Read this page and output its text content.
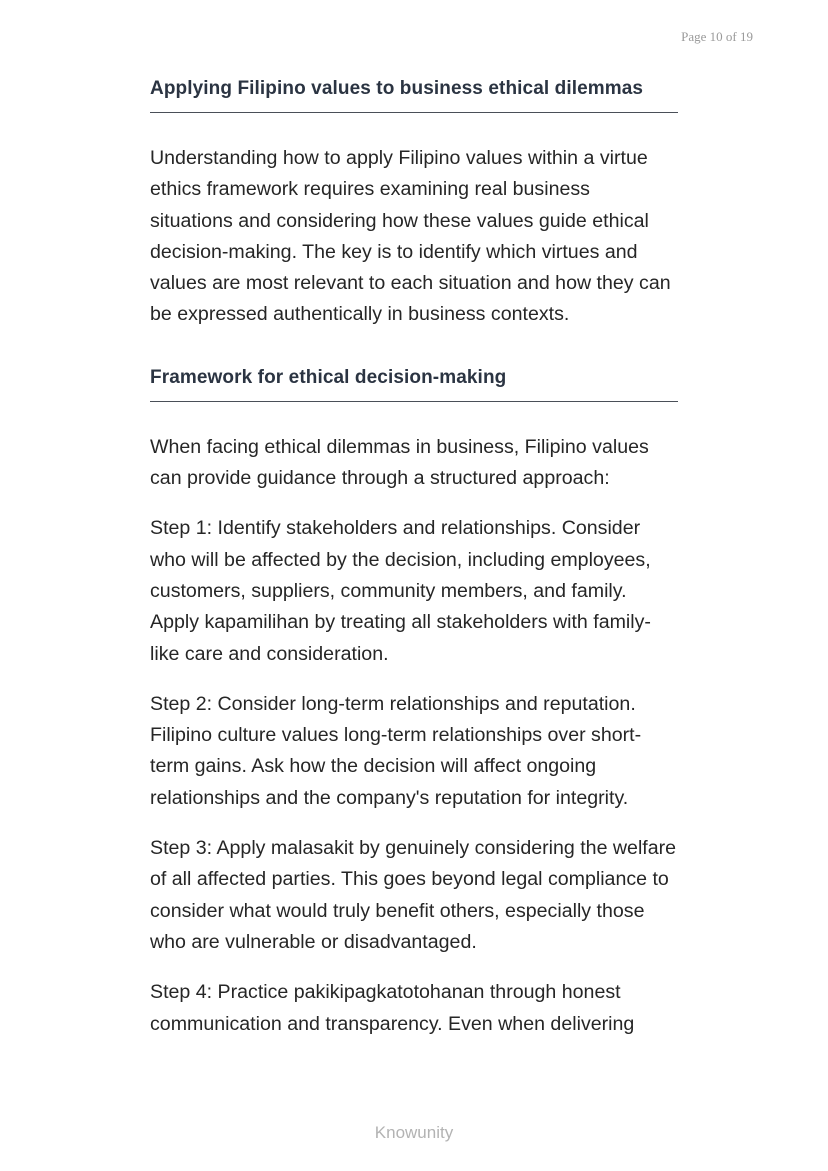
Page 10 of 19
Applying Filipino values to business ethical dilemmas

Understanding how to apply Filipino values within a virtue ethics framework requires examining real business situations and considering how these values guide ethical decision-making. The key is to identify which virtues and values are most relevant to each situation and how they can be expressed authentically in business contexts.

Framework for ethical decision-making

When facing ethical dilemmas in business, Filipino values can provide guidance through a structured approach:

Step 1: Identify stakeholders and relationships. Consider who will be affected by the decision, including employees, customers, suppliers, community members, and family. Apply kapamilihan by treating all stakeholders with family-like care and consideration.

Step 2: Consider long-term relationships and reputation. Filipino culture values long-term relationships over short-term gains. Ask how the decision will affect ongoing relationships and the company's reputation for integrity.

Step 3: Apply malasakit by genuinely considering the welfare of all affected parties. This goes beyond legal compliance to consider what would truly benefit others, especially those who are vulnerable or disadvantaged.

Step 4: Practice pakikipagkatotohanan through honest communication and transparency. Even when delivering

Knowunity
